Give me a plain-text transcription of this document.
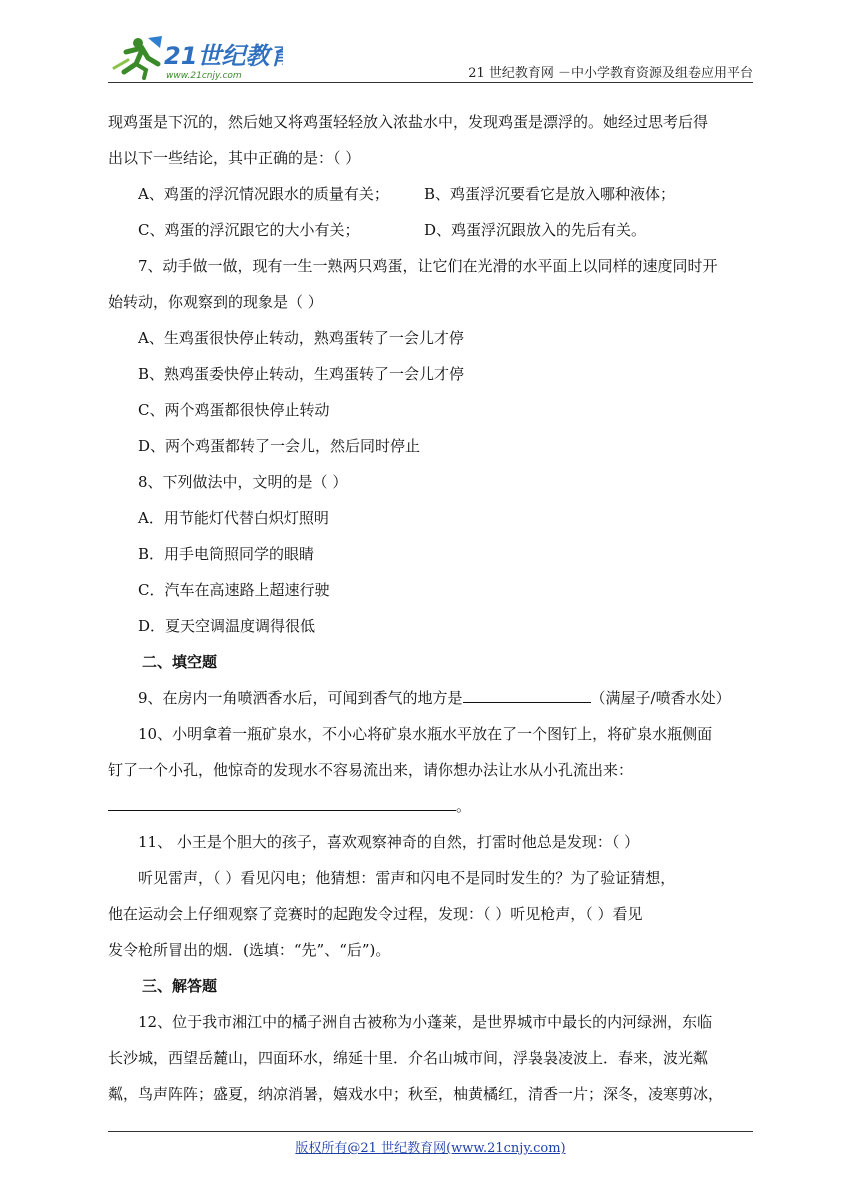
21世纪教育
www.21cnjy.com	21 世纪教育网 －中小学教育资源及组卷应用平台
现鸡蛋是下沉的，然后她又将鸡蛋轻轻放入浓盐水中，发现鸡蛋是漂浮的。她经过思考后得
出以下一些结论，其中正确的是：（ ）
A、鸡蛋的浮沉情况跟水的质量有关； B、鸡蛋浮沉要看它是放入哪种液体；
C、鸡蛋的浮沉跟它的大小有关；	D、鸡蛋浮沉跟放入的先后有关。
7、动手做一做，现有一生一熟两只鸡蛋，让它们在光滑的水平面上以同样的速度同时开
始转动，你观察到的现象是（ ）
A、生鸡蛋很快停止转动，熟鸡蛋转了一会儿才停
B、熟鸡蛋委快停止转动，生鸡蛋转了一会儿才停
C、两个鸡蛋都很快停止转动
D、两个鸡蛋都转了一会儿，然后同时停止
8、下列做法中，文明的是（ ）
A．用节能灯代替白炽灯照明
B．用手电筒照同学的眼睛
C．汽车在高速路上超速行驶
D．夏天空调温度调得很低
二、填空题
9、在房内一角喷洒香水后，可闻到香气的地方是	（满屋子/喷香水处）
10、小明拿着一瓶矿泉水，不小心将矿泉水瓶水平放在了一个图钉上，将矿泉水瓶侧面
钉了一个小孔，他惊奇的发现水不容易流出来，请你想办法让水从小孔流出来：
。
11、 小王是个胆大的孩子，喜欢观察神奇的自然，打雷时他总是发现：（ ）
听见雷声，（ ）看见闪电；他猜想：雷声和闪电不是同时发生的？为了验证猜想，
他在运动会上仔细观察了竞赛时的起跑发令过程，发现：（ ）听见枪声，（ ）看见
发令枪所冒出的烟．(选填：“先”、“后”)。
三、解答题
12、位于我市湘江中的橘子洲自古被称为小蓬莱，是世界城市中最长的内河绿洲，东临
长沙城，西望岳麓山，四面环水，绵延十里．介名山城市间，浮袅袅凌波上．春来，波光粼
粼，鸟声阵阵；盛夏，纳凉消暑，嬉戏水中；秋至，柚黄橘红，清香一片；深冬，凌寒剪冰，
版权所有@21 世纪教育网(www.21cnjy.com)
